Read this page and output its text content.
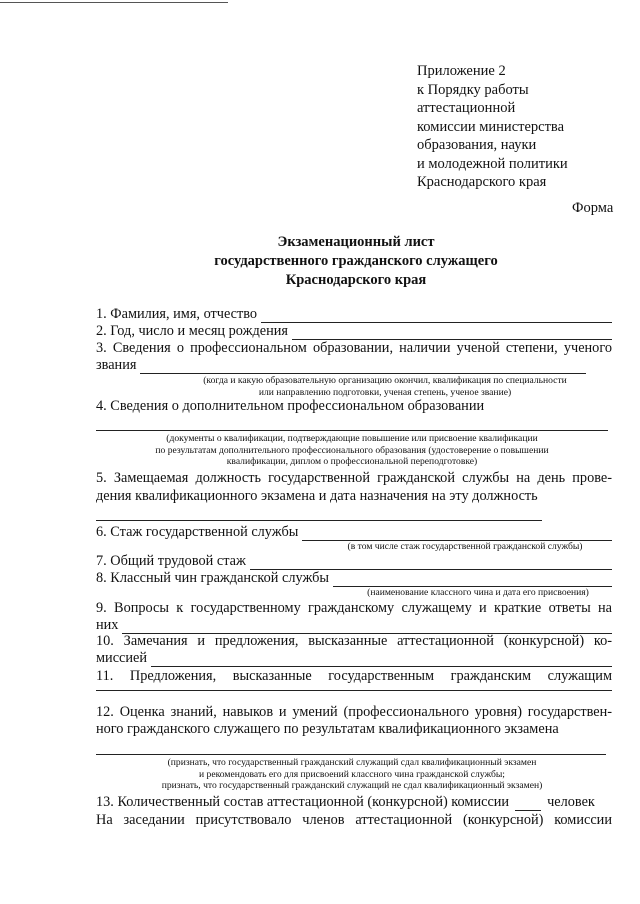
Приложение 2
к Порядку работы
аттестационной
комиссии министерства
образования, науки
и молодежной политики
Краснодарского края
Форма
Экзаменационный лист
государственного гражданского служащего
Краснодарского края
1. Фамилия, имя, отчество
2. Год, число и месяц рождения
3. Сведения о профессиональном образовании, наличии ученой степени, ученого
звания
(когда и какую образовательную организацию окончил, квалификация по специальности
или направлению подготовки, ученая степень, ученое звание)
4. Сведения о дополнительном профессиональном образовании
(документы о квалификации, подтверждающие повышение или присвоение квалификации
по результатам дополнительного профессионального образования (удостоверение о повышении
квалификации, диплом о профессиональной переподготовке)
5. Замещаемая должность государственной гражданской службы на день прове-
дения квалификационного экзамена и дата назначения на эту должность
6. Стаж государственной службы
(в том числе стаж государственной гражданской службы)
7. Общий трудовой стаж
8. Классный чин гражданской службы
(наименование классного чина и дата его присвоения)
9. Вопросы к государственному гражданскому служащему и краткие ответы на
них
10. Замечания и предложения, высказанные аттестационной (конкурсной) ко-
миссией
11. Предложения, высказанные государственным гражданским служащим
12. Оценка знаний, навыков и умений (профессионального уровня) государствен-
ного гражданского служащего по результатам квалификационного экзамена
(признать, что государственный гражданский служащий сдал квалификационный экзамен
и рекомендовать его для присвоений классного чина гражданской службы;
признать, что государственный гражданский служащий не сдал квалификационный экзамен)
13. Количественный состав аттестационной (конкурсной) комиссии	человек
На заседании присутствовало членов аттестационной (конкурсной) комиссии
